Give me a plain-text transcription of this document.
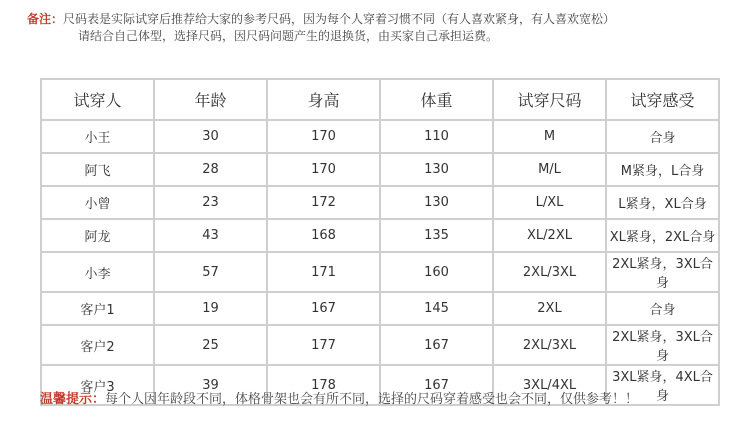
备注：尺码表是实际试穿后推荐给大家的参考尺码，因为每个人穿着习惯不同（有人喜欢紧身，有人喜欢宽松）
请结合自己体型，选择尺码，因尺码问题产生的退换货，由买家自己承担运费。
试穿人	年龄	身高	体重	试穿尺码	试穿感受
小王	30	170	110	M	合身
阿飞	28	170	130	M/L	M紧身，L合身
小曾	23	172	130	L/XL	L紧身，XL合身
阿龙	43	168	135	XL/2XL	XL紧身，2XL合身
小李	57	171	160	2XL/3XL	2XL紧身，3XL合身
客户1	19	167	145	2XL	合身
客户2	25	177	167	2XL/3XL	2XL紧身，3XL合身
客户3	39	178	167	3XL/4XL	3XL紧身，4XL合身
温馨提示：每个人因年龄段不同，体格骨架也会有所不同，选择的尺码穿着感受也会不同，仅供参考！！
